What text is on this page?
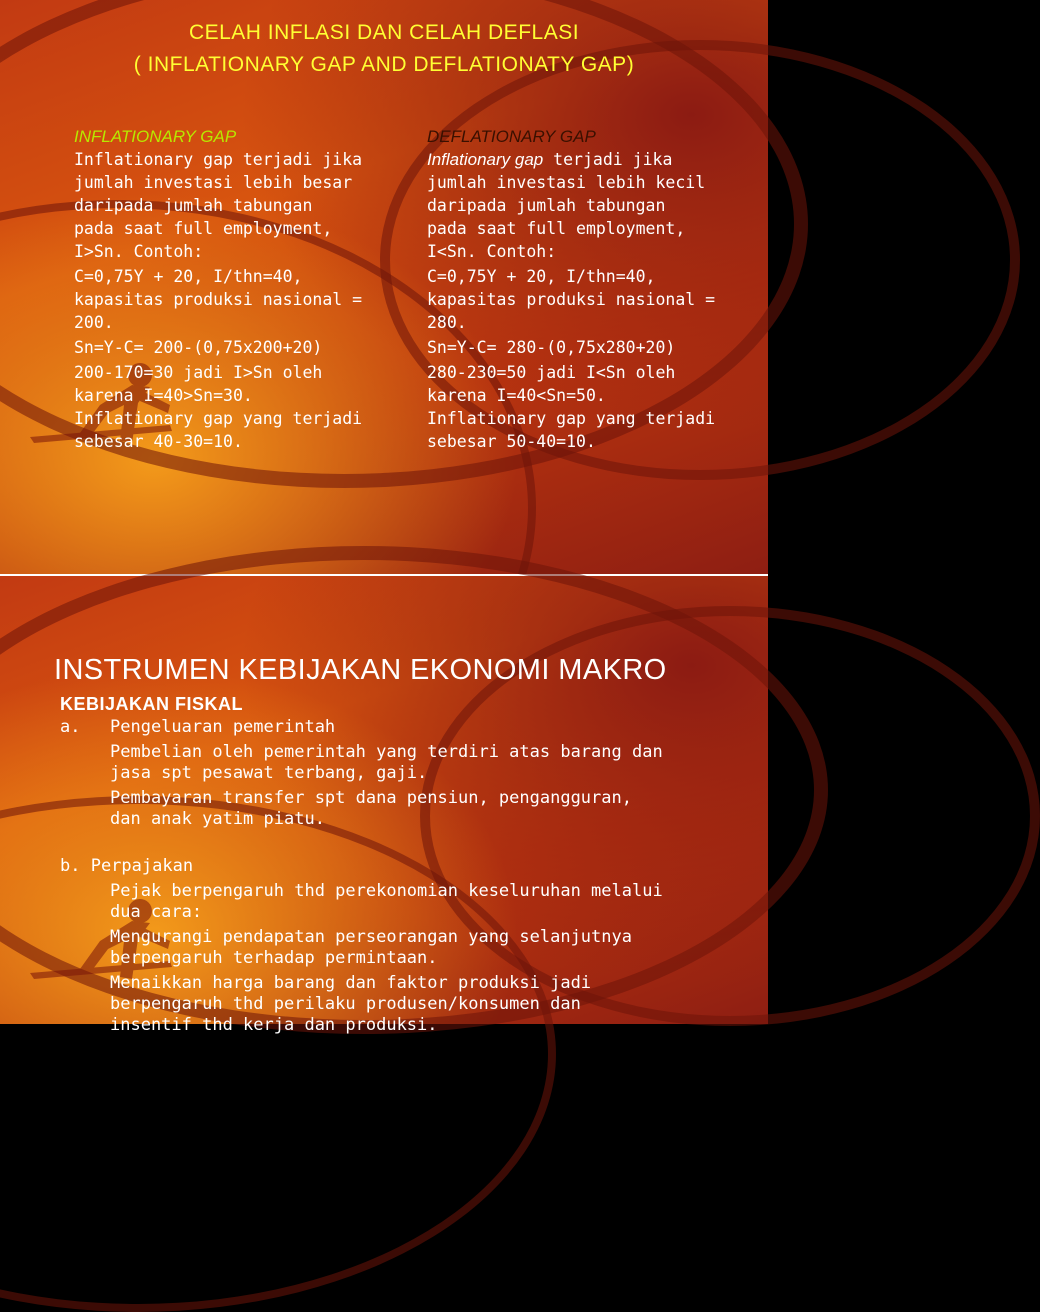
CELAH INFLASI DAN CELAH DEFLASI
( INFLATIONARY GAP AND DEFLATIONATY GAP)
INFLATIONARY GAP

Inflationary gap terjadi jika

jumlah investasi lebih besar

daripada jumlah tabungan

pada saat full employment,

I>Sn. Contoh:

C=0,75Y + 20, I/thn=40,

kapasitas produksi nasional =

200.

Sn=Y-C= 200-(0,75x200+20)

200-170=30 jadi I>Sn oleh

karena I=40>Sn=30.

Inflationary gap yang terjadi

sebesar 40-30=10.

DEFLATIONARY GAP

Inflationary gap terjadi jika

jumlah investasi lebih kecil

daripada jumlah tabungan

pada saat full employment,

I<Sn. Contoh:

C=0,75Y + 20, I/thn=40,

kapasitas produksi nasional =

280.

Sn=Y-C= 280-(0,75x280+20)

280-230=50 jadi I<Sn oleh

karena I=40<Sn=50.

Inflationary gap yang terjadi

sebesar 50-40=10.

INSTRUMEN KEBIJAKAN EKONOMI MAKRO

KEBIJAKAN FISKAL

a.	Pengeluaran pemerintah

Pembelian oleh pemerintah yang terdiri atas barang dan

jasa spt pesawat terbang, gaji.

Pembayaran transfer spt dana pensiun, pengangguran,

dan anak yatim piatu.

b. Perpajakan

Pejak berpengaruh thd perekonomian keseluruhan melalui

dua cara:

Mengurangi pendapatan perseorangan yang selanjutnya

berpengaruh terhadap permintaan.

Menaikkan harga barang dan faktor produksi jadi

berpengaruh thd perilaku produsen/konsumen dan

insentif thd kerja dan produksi.
